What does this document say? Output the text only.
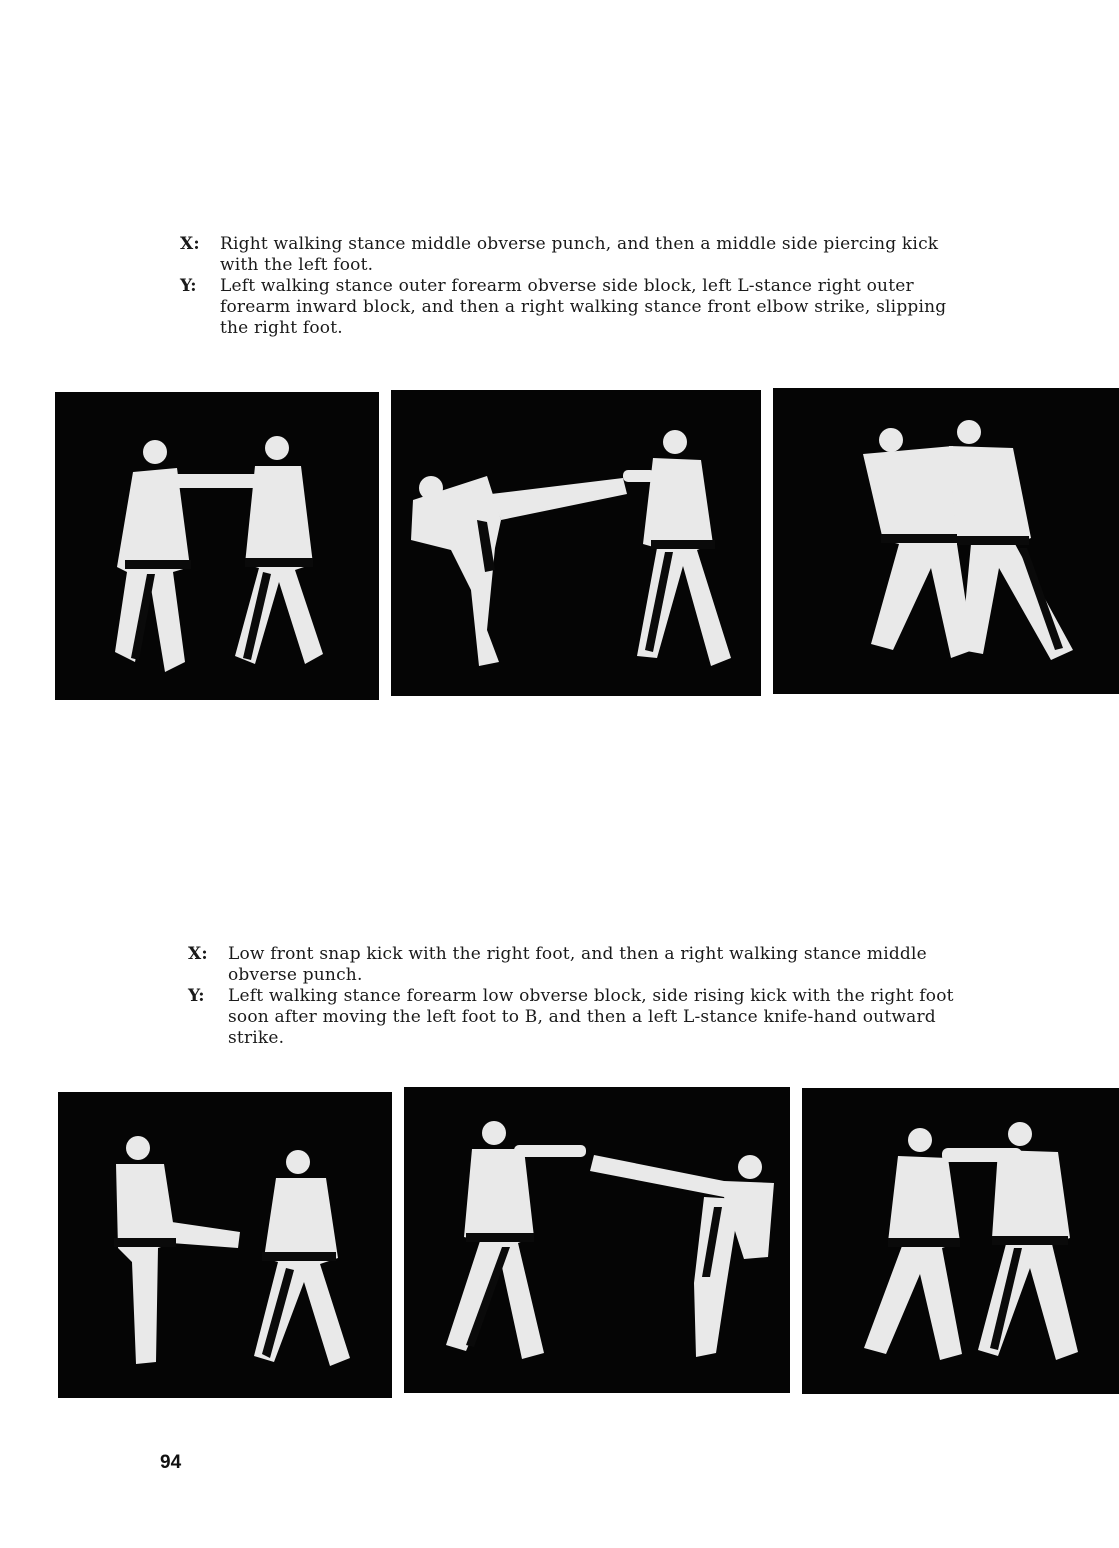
X:	Right walking stance middle obverse punch, and then a middle side piercing kick with the left foot.
Y:	Left walking stance outer forearm obverse side block, left L-stance right outer forearm inward block, and then a right walking stance front elbow strike, slipping the right foot.
X:	Low front snap kick with the right foot, and then a right walking stance middle obverse punch.
Y:	Left walking stance forearm low obverse block, side rising kick with the right foot soon after moving the left foot to B, and then a left L-stance knife-hand outward strike.
94
